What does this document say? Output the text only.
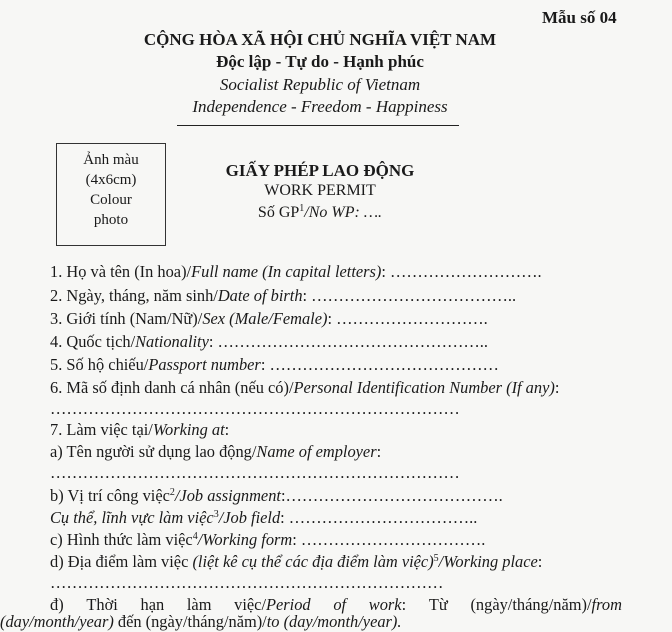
Mẫu số 04
CỘNG HÒA XÃ HỘI CHỦ NGHĨA VIỆT NAM
Độc lập - Tự do - Hạnh phúc
Socialist Republic of Vietnam
Independence - Freedom - Happiness
Ảnh màu
(4x6cm)
Colour
photo
GIẤY PHÉP LAO ĐỘNG
WORK PERMIT
Số $GP^1/No$ WP: ….
1. Họ và tên (In hoa)/Full name (In capital letters): ……………………….
2. Ngày, tháng, năm sinh/Date of birth: ………………………………..
3. Giới tính (Nam/Nữ)/Sex (Male/Female): ……………………….
4. Quốc tịch/Nationality: …………………………………………..
5. Số hộ chiếu/Passport number: ……………………………………
6. Mã số định danh cá nhân (nếu có)/Personal Identification Number (If any):
…………………………………………………………………
7. Làm việc tại/Working at:
a) Tên người sử dụng lao động/Name of employer:
…………………………………………………………………
b) Vị trí công việc$^2$/Job assignment:………………………………….
Cụ thể, lĩnh vực làm việc$^3$/Job field: ……………………………..
c) Hình thức làm việc$^4$/Working form: …………………………….
d) Địa điểm làm việc (liệt kê cụ thể các địa điểm làm việc)$^5$/Working place:
………………………………………………………………
đ) Thời hạn làm việc/Period of work: Từ (ngày/tháng/năm)/from
(day/month/year) đến (ngày/tháng/năm)/to (day/month/year).
